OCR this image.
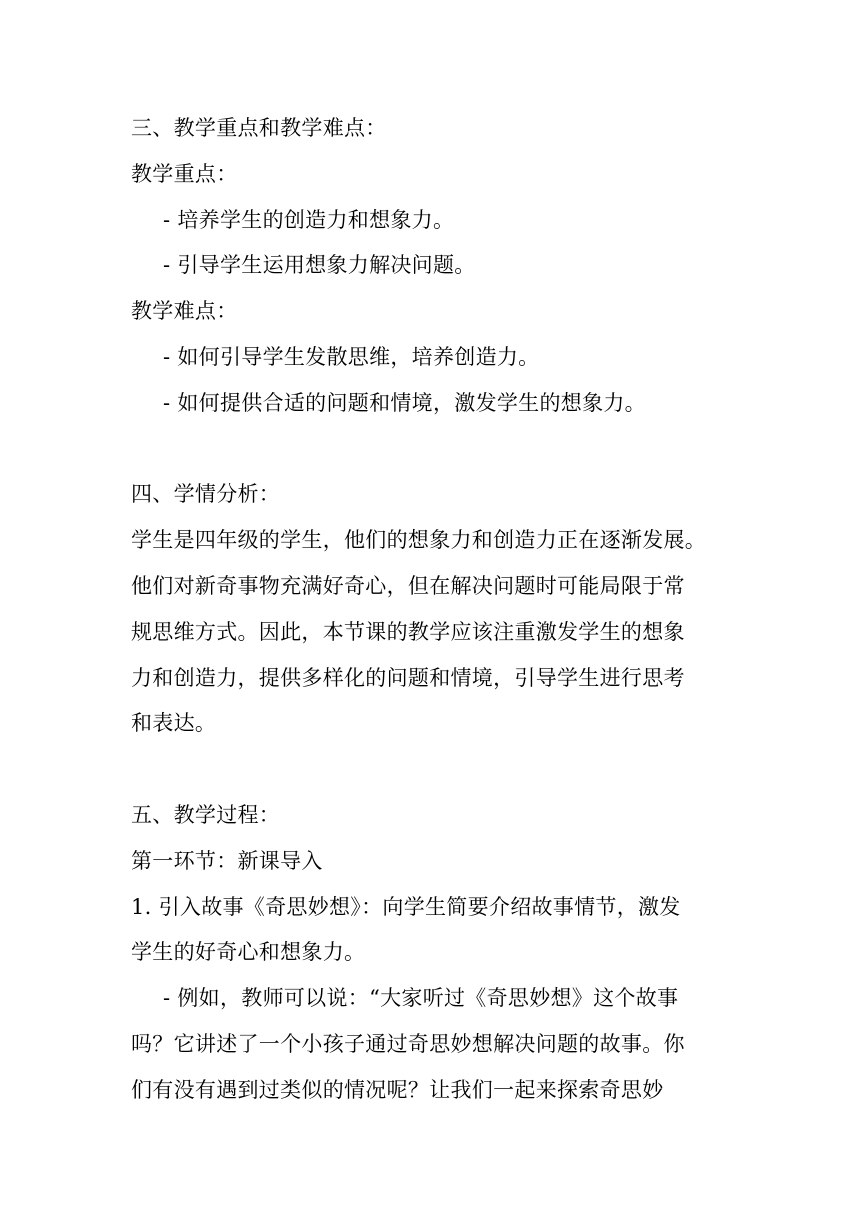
三、教学重点和教学难点：
教学重点：
- 培养学生的创造力和想象力。
- 引导学生运用想象力解决问题。
教学难点：
- 如何引导学生发散思维，培养创造力。
- 如何提供合适的问题和情境，激发学生的想象力。
四、学情分析：
学生是四年级的学生，他们的想象力和创造力正在逐渐发展。
他们对新奇事物充满好奇心，但在解决问题时可能局限于常
规思维方式。因此，本节课的教学应该注重激发学生的想象
力和创造力，提供多样化的问题和情境，引导学生进行思考
和表达。
五、教学过程：
第一环节：新课导入
1. 引入故事《奇思妙想》：向学生简要介绍故事情节，激发
学生的好奇心和想象力。
- 例如，教师可以说：“大家听过《奇思妙想》这个故事
吗？它讲述了一个小孩子通过奇思妙想解决问题的故事。你
们有没有遇到过类似的情况呢？让我们一起来探索奇思妙
